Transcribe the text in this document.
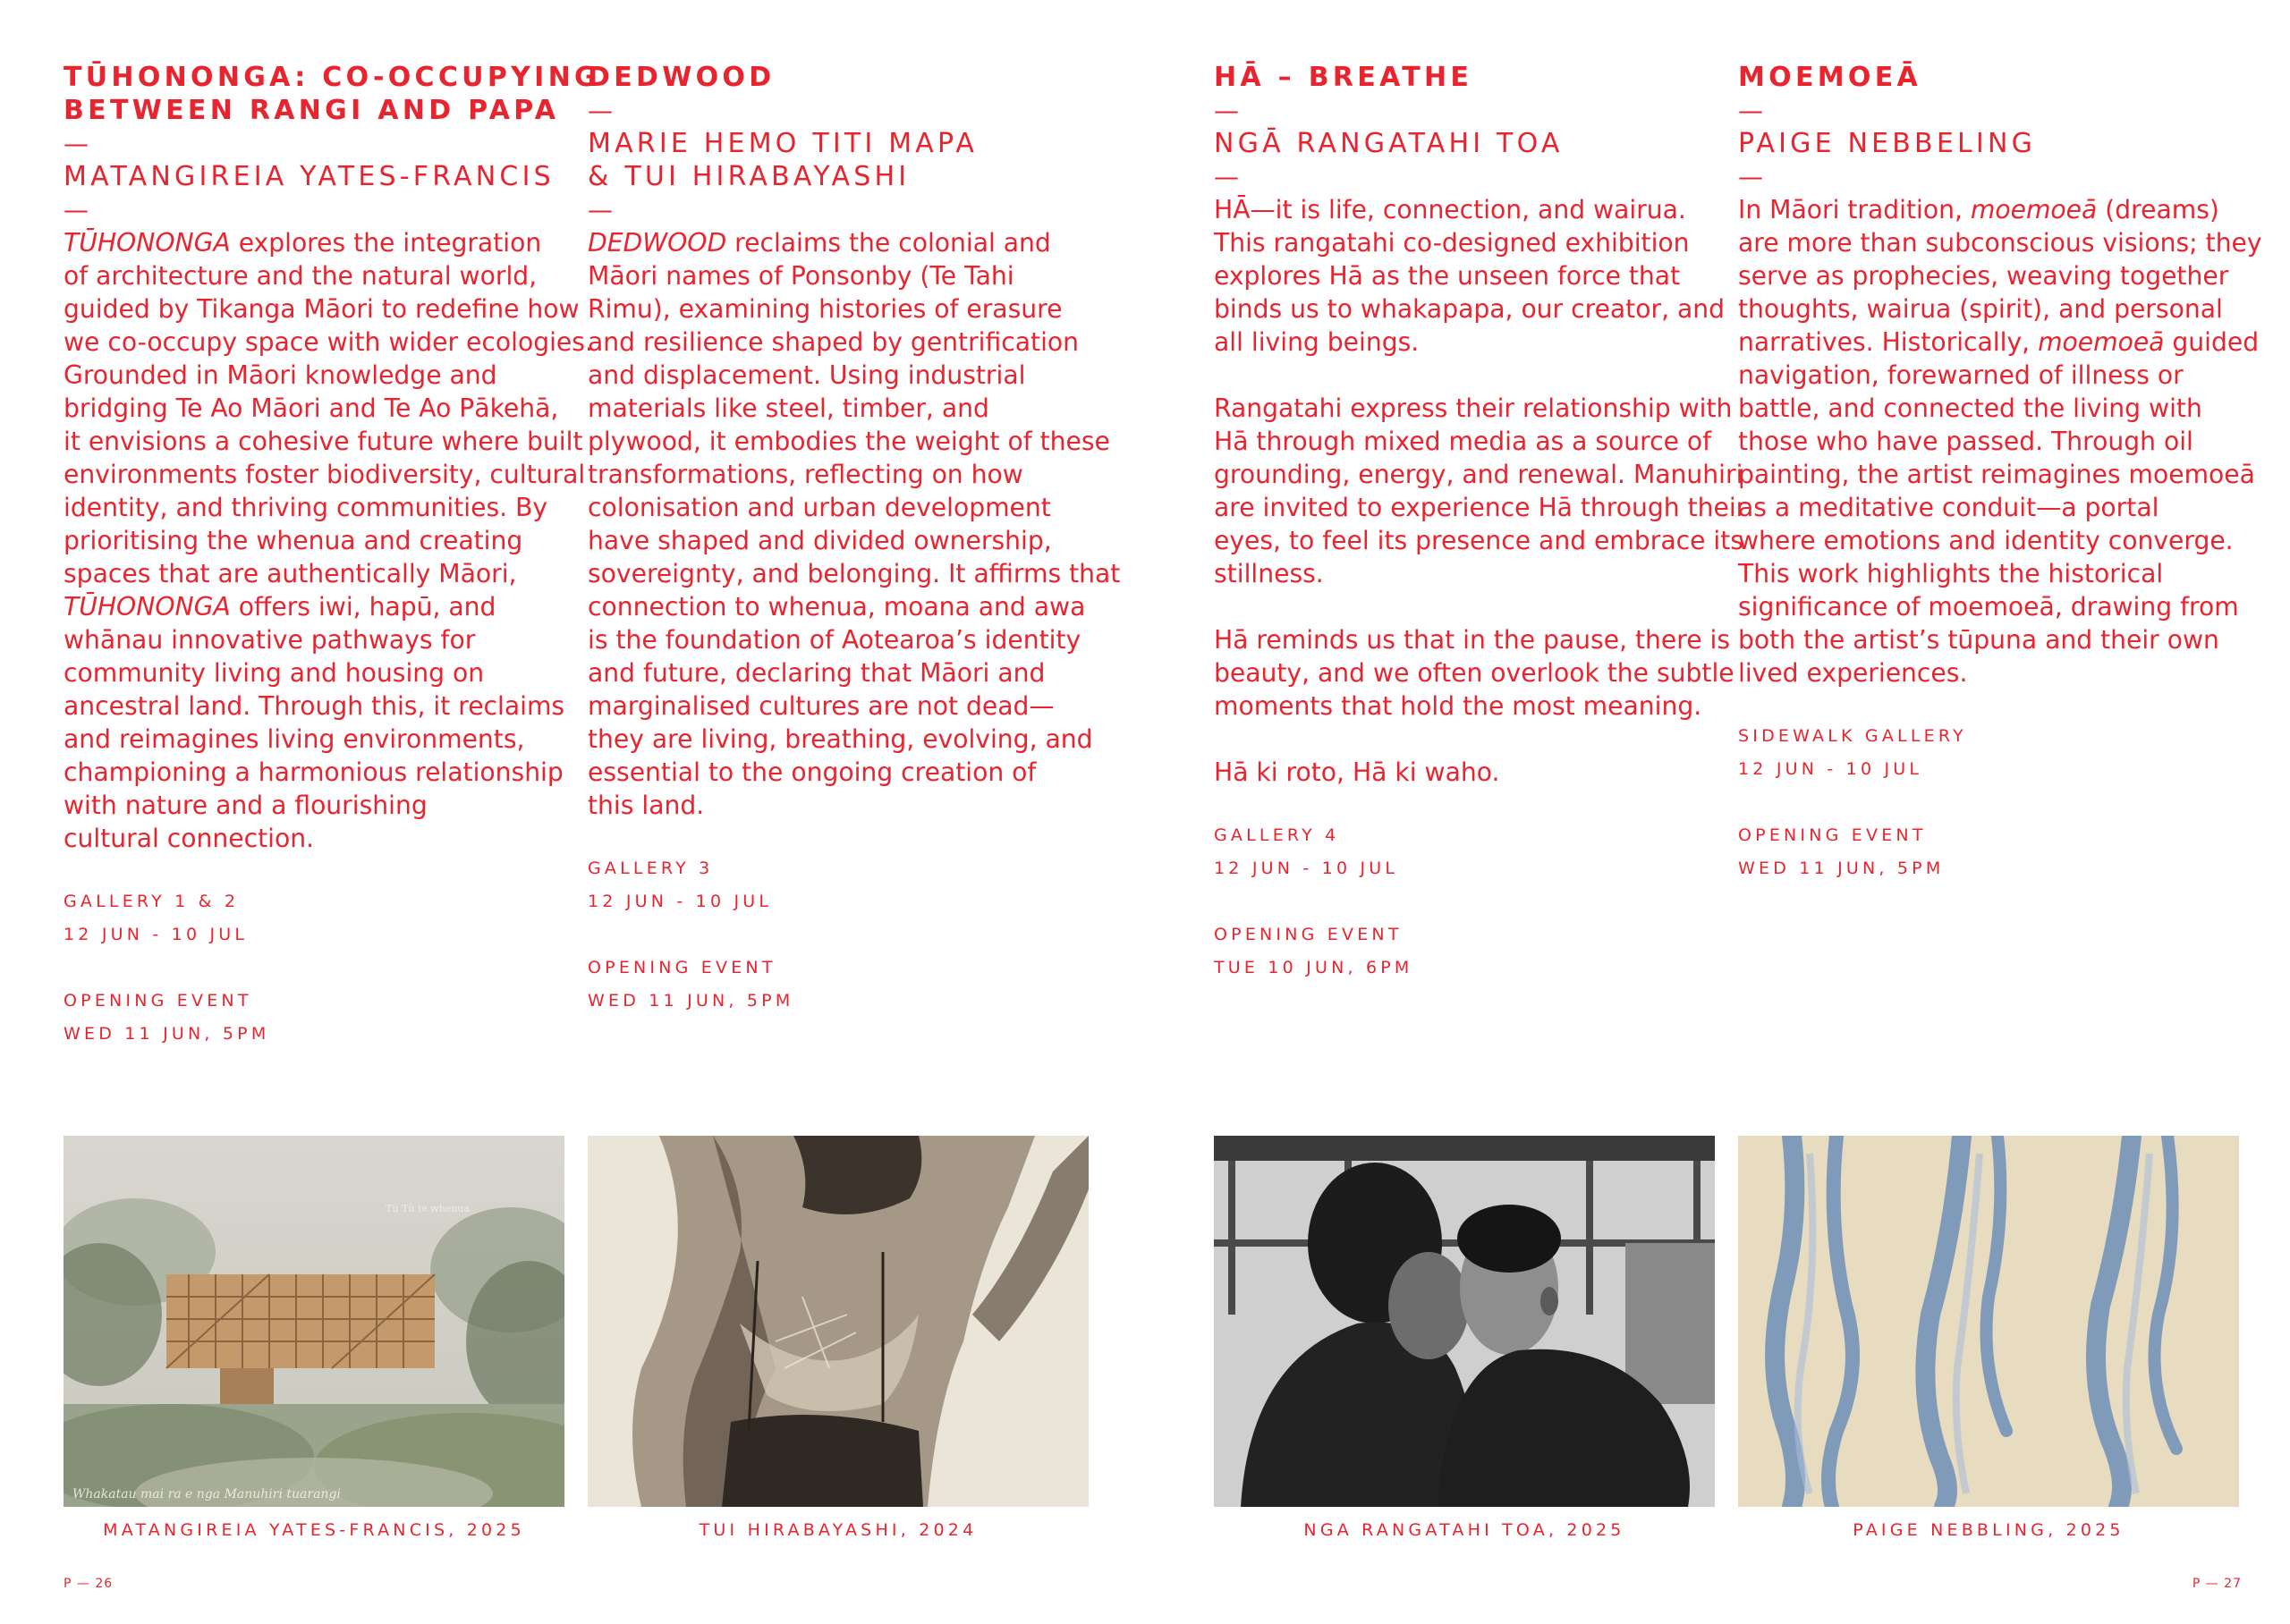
TŪHONONGA: CO-OCCUPYING

BETWEEN RANGI AND PAPA

—

MATANGIREIA YATES-FRANCIS

—

TŪHONONGA explores the integration
of architecture and the natural world,
guided by Tikanga Māori to redefine how
we co-occupy space with wider ecologies.
Grounded in Māori knowledge and
bridging Te Ao Māori and Te Ao Pākehā,
it envisions a cohesive future where built
environments foster biodiversity, cultural
identity, and thriving communities. By
prioritising the whenua and creating
spaces that are authentically Māori,
TŪHONONGA offers iwi, hapū, and
whānau innovative pathways for
community living and housing on
ancestral land. Through this, it reclaims
and reimagines living environments,
championing a harmonious relationship
with nature and a flourishing
cultural connection.

GALLERY 1 & 2
12 JUN - 10 JUL
OPENING EVENT
WED 11 JUN, 5PM

DEDWOOD

—

MARIE HEMO TITI MAPA

& TUI HIRABAYASHI

—

DEDWOOD reclaims the colonial and
Māori names of Ponsonby (Te Tahi
Rimu), examining histories of erasure
and resilience shaped by gentrification
and displacement. Using industrial
materials like steel, timber, and
plywood, it embodies the weight of these
transformations, reflecting on how
colonisation and urban development
have shaped and divided ownership,
sovereignty, and belonging. It affirms that
connection to whenua, moana and awa
is the foundation of Aotearoa’s identity
and future, declaring that Māori and
marginalised cultures are not dead—
they are living, breathing, evolving, and
essential to the ongoing creation of
this land.

GALLERY 3
12 JUN - 10 JUL
OPENING EVENT
WED 11 JUN, 5PM

HĀ – BREATHE

—

NGĀ RANGATAHI TOA

—

HĀ—it is life, connection, and wairua.
This rangatahi co-designed exhibition
explores Hā as the unseen force that
binds us to whakapapa, our creator, and
all living beings.

Rangatahi express their relationship with
Hā through mixed media as a source of
grounding, energy, and renewal. Manuhiri
are invited to experience Hā through their
eyes, to feel its presence and embrace its
stillness.

Hā reminds us that in the pause, there is
beauty, and we often overlook the subtle
moments that hold the most meaning.

Hā ki roto, Hā ki waho.

GALLERY 4
12 JUN - 10 JUL
OPENING EVENT
TUE 10 JUN, 6PM

MOEMOEĀ

—

PAIGE NEBBELING

—

In Māori tradition, moemoeā (dreams)
are more than subconscious visions; they
serve as prophecies, weaving together
thoughts, wairua (spirit), and personal
narratives. Historically, moemoeā guided
navigation, forewarned of illness or
battle, and connected the living with
those who have passed. Through oil
painting, the artist reimagines moemoeā
as a meditative conduit—a portal
where emotions and identity converge.
This work highlights the historical
significance of moemoeā, drawing from
both the artist’s tūpuna and their own
lived experiences.

SIDEWALK GALLERY
12 JUN - 10 JUL
OPENING EVENT
WED 11 JUN, 5PM
Tū Tū te whenua
Whakatau mai ra e nga Manuhiri tuarangi
MATANGIREIA YATES-FRANCIS, 2025	TUI HIRABAYASHI, 2024	NGA RANGATAHI TOA, 2025	PAIGE NEBBLING, 2025
P — 26	P — 27
